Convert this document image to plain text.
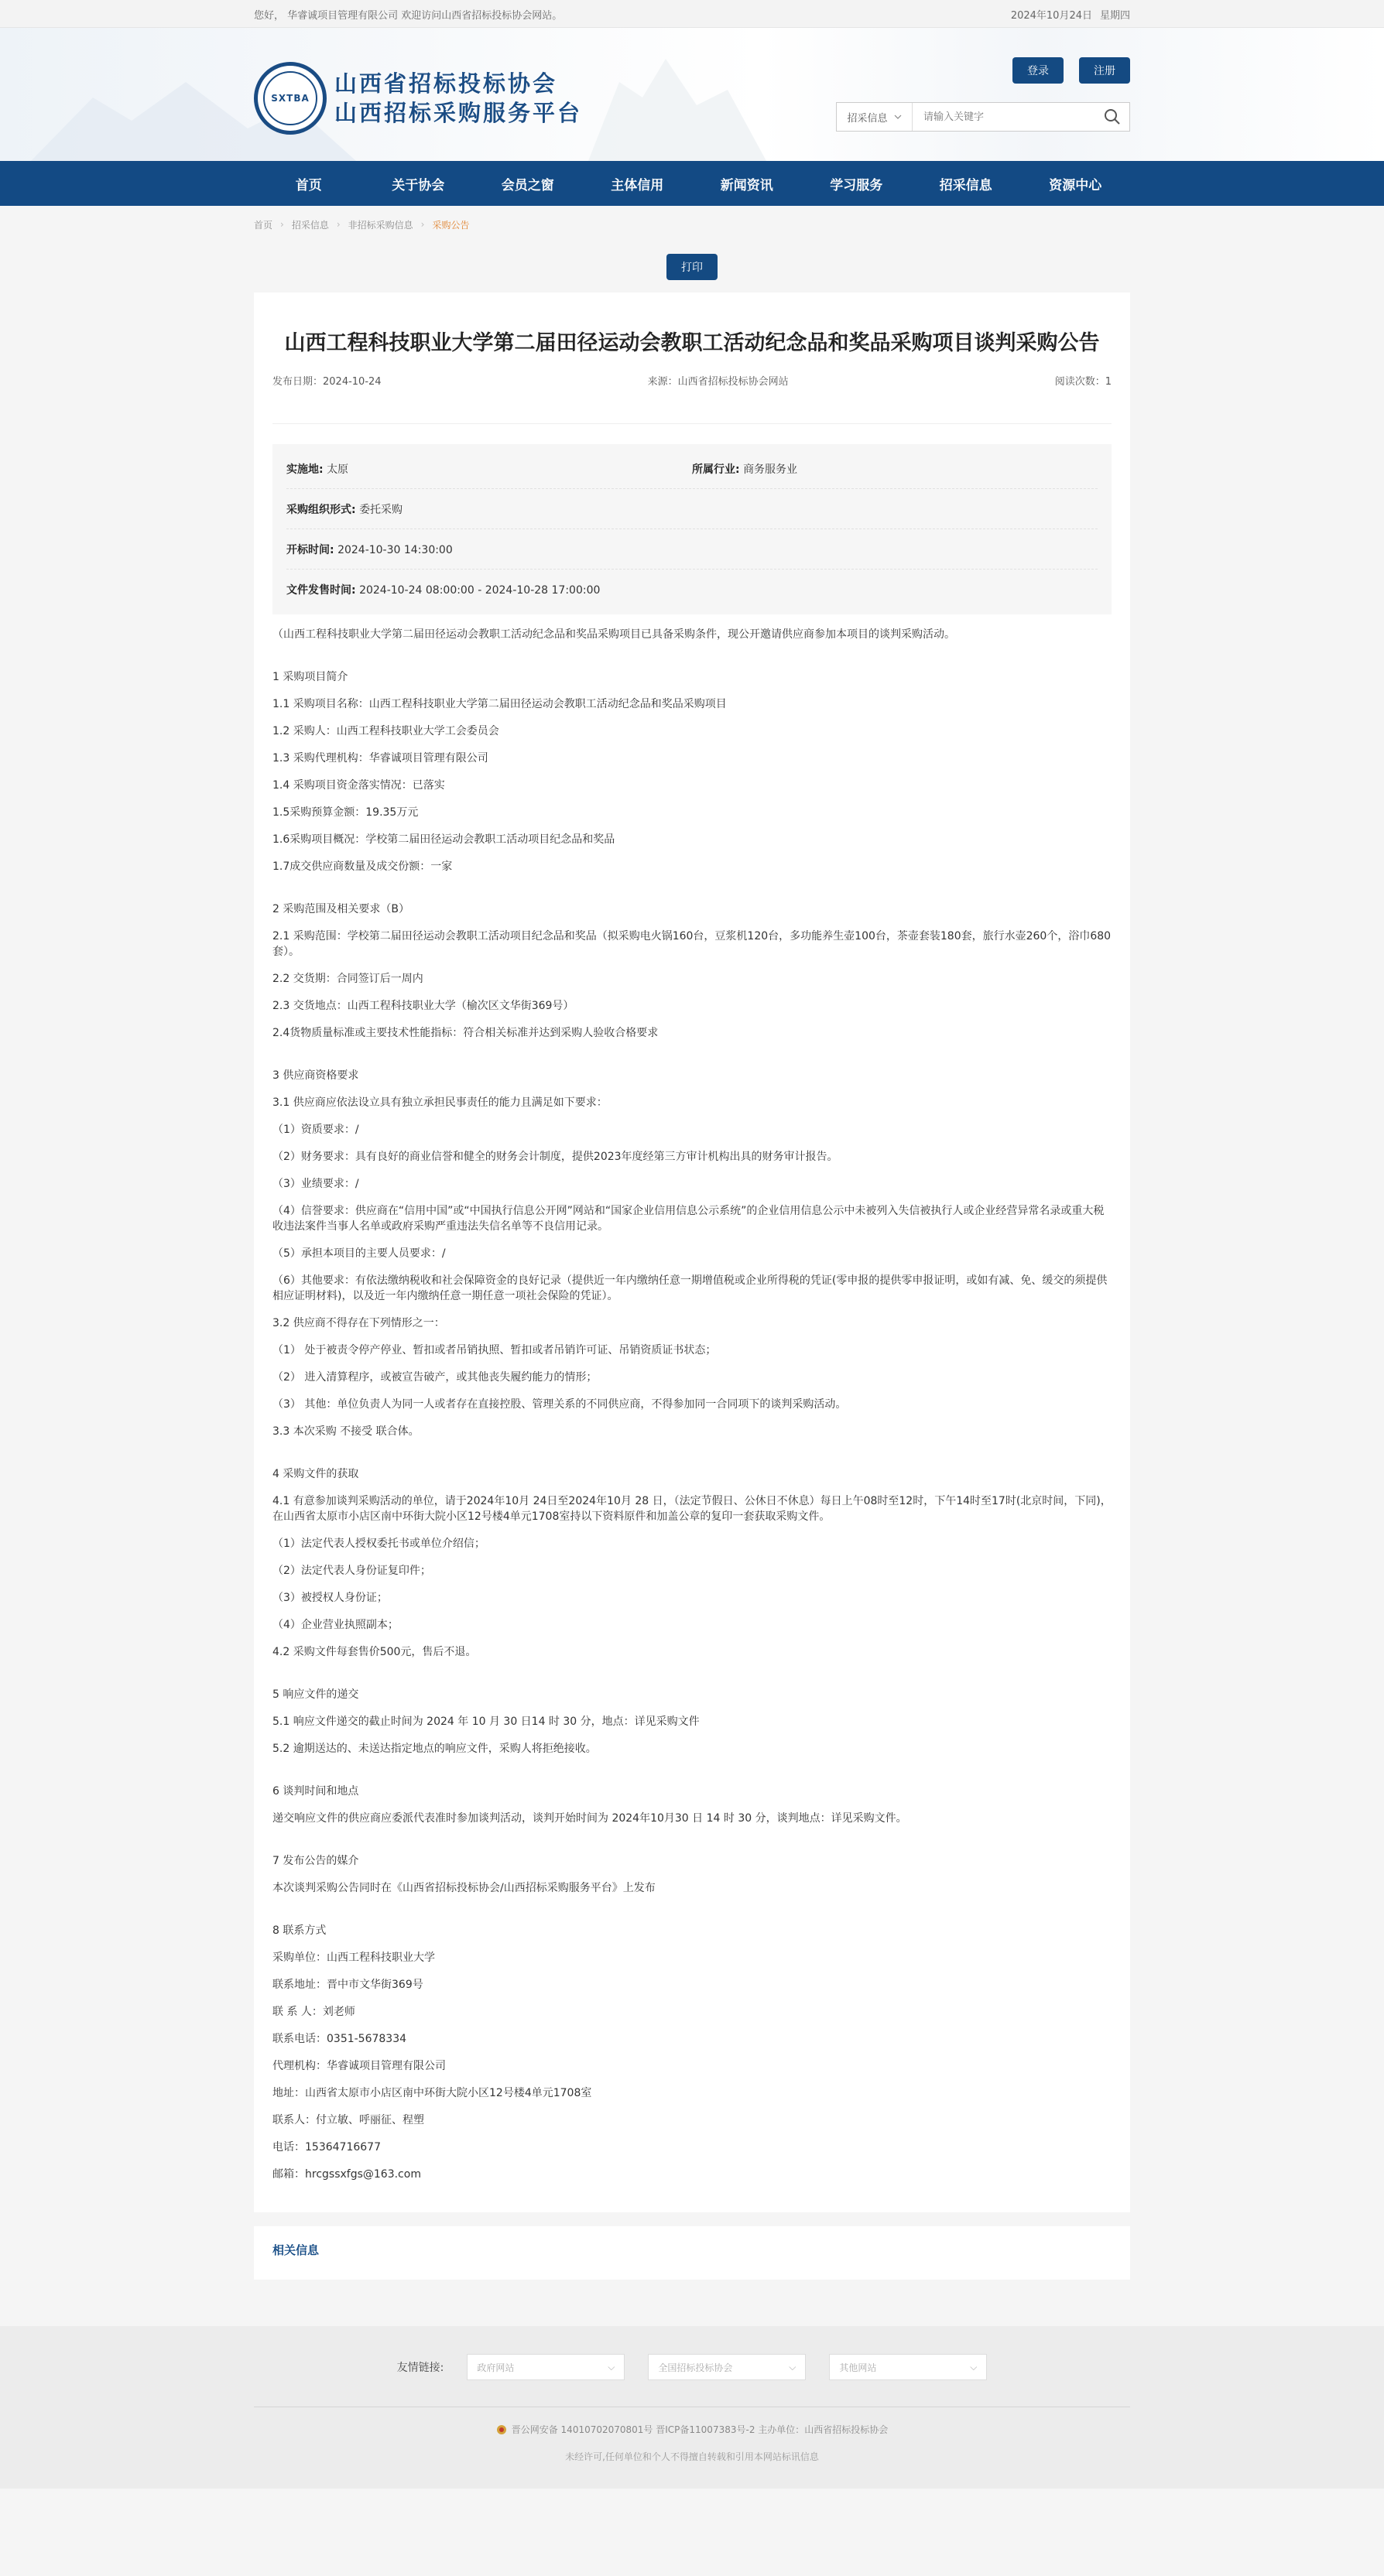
您好， 华睿诚项目管理有限公司 欢迎访问山西省招标投标协会网站。	2024年10月24日 星期四
SXTBA
山西省招标投标协会
山西招标采购服务平台
登录	注册
招采信息
请输入关键字
首页	关于协会	会员之窗	主体信用	新闻资讯	学习服务	招采信息	资源中心
首页 › 招采信息 › 非招标采购信息 › 采购公告
打印
山西工程科技职业大学第二届田径运动会教职工活动纪念品和奖品采购项目谈判采购公告
发布日期：2024-10-24	来源：山西省招标投标协会网站	阅读次数：1
实施地: 太原	所属行业: 商务服务业
采购组织形式: 委托采购
开标时间: 2024-10-30 14:30:00
文件发售时间: 2024-10-24 08:00:00 - 2024-10-28 17:00:00

（山西工程科技职业大学第二届田径运动会教职工活动纪念品和奖品采购项目已具备采购条件，现公开邀请供应商参加本项目的谈判采购活动。

1 采购项目简介

1.1 采购项目名称：山西工程科技职业大学第二届田径运动会教职工活动纪念品和奖品采购项目

1.2 采购人：山西工程科技职业大学工会委员会

1.3 采购代理机构：华睿诚项目管理有限公司

1.4 采购项目资金落实情况：已落实

1.5采购预算金额：19.35万元

1.6采购项目概况：学校第二届田径运动会教职工活动项目纪念品和奖品

1.7成交供应商数量及成交份额：一家

2 采购范围及相关要求（B）

2.1 采购范围：学校第二届田径运动会教职工活动项目纪念品和奖品（拟采购电火锅160台，豆浆机120台，多功能养生壶100台，茶壶套装180套，旅行水壶260个，浴巾680套）。

2.2 交货期：合同签订后一周内

2.3 交货地点：山西工程科技职业大学（榆次区文华街369号）

2.4货物质量标准或主要技术性能指标：符合相关标准并达到采购人验收合格要求

3 供应商资格要求

3.1 供应商应依法设立具有独立承担民事责任的能力且满足如下要求：

（1）资质要求：/

（2）财务要求：具有良好的商业信誉和健全的财务会计制度，提供2023年度经第三方审计机构出具的财务审计报告。

（3）业绩要求：/

（4）信誉要求：供应商在“信用中国”或“中国执行信息公开网”网站和“国家企业信用信息公示系统”的企业信用信息公示中未被列入失信被执行人或企业经营异常名录或重大税收违法案件当事人名单或政府采购严重违法失信名单等不良信用记录。

（5）承担本项目的主要人员要求：/

（6）其他要求：有依法缴纳税收和社会保障资金的良好记录（提供近一年内缴纳任意一期增值税或企业所得税的凭证(零申报的提供零申报证明，或如有减、免、缓交的须提供相应证明材料)，以及近一年内缴纳任意一期任意一项社会保险的凭证）。

3.2 供应商不得存在下列情形之一：

（1） 处于被责令停产停业、暂扣或者吊销执照、暂扣或者吊销许可证、吊销资质证书状态；

（2） 进入清算程序，或被宣告破产，或其他丧失履约能力的情形；

（3） 其他：单位负责人为同一人或者存在直接控股、管理关系的不同供应商，不得参加同一合同项下的谈判采购活动。

3.3 本次采购 不接受 联合体。

4 采购文件的获取

4.1 有意参加谈判采购活动的单位，请于2024年10月 24日至2024年10月 28 日，（法定节假日、公休日不休息）每日上午08时至12时，下午14时至17时(北京时间，下同)，在山西省太原市小店区南中环街大院小区12号楼4单元1708室持以下资料原件和加盖公章的复印一套获取采购文件。

（1）法定代表人授权委托书或单位介绍信；

（2）法定代表人身份证复印件；

（3）被授权人身份证；

（4）企业营业执照副本；

4.2 采购文件每套售价500元，售后不退。

5 响应文件的递交

5.1 响应文件递交的截止时间为 2024 年 10 月 30 日14 时 30 分，地点：详见采购文件

5.2 逾期送达的、未送达指定地点的响应文件，采购人将拒绝接收。

6 谈判时间和地点

递交响应文件的供应商应委派代表准时参加谈判活动，谈判开始时间为 2024年10月30 日 14 时 30 分，谈判地点：详见采购文件。

7 发布公告的媒介

本次谈判采购公告同时在《山西省招标投标协会/山西招标采购服务平台》上发布

8 联系方式

采购单位：山西工程科技职业大学

联系地址：晋中市文华街369号

联 系 人：刘老师

联系电话：0351-5678334

代理机构：华睿诚项目管理有限公司

地址：山西省太原市小店区南中环街大院小区12号楼4单元1708室

联系人：付立敏、呼丽征、程塑

电话：15364716677

邮箱：hrcgssxfgs@163.com

相关信息
友情链接:	政府网站	⌵	全国招标投标协会	⌵	其他网站	⌵
晋公网安备 14010702070801号 晋ICP备11007383号-2 主办单位：山西省招标投标协会
未经许可,任何单位和个人不得擅自转载和引用本网站标讯信息
